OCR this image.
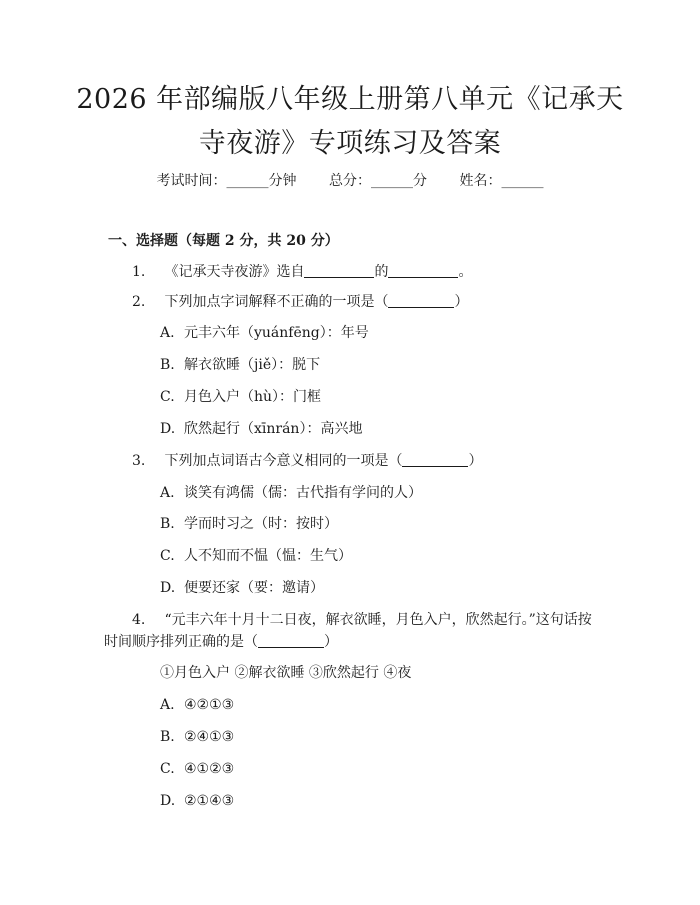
2026 年部编版八年级上册第八单元《记承天
寺夜游》专项练习及答案
考试时间：______分钟 总分：______分 姓名：______
一、选择题（每题 2 分，共 20 分）
1. 《记承天寺夜游》选自	的	。
2. 下列加点字词解释不正确的一项是（	）
A. 元丰六年（yuánfēng）：年号
B. 解衣欲睡（jiě）：脱下
C. 月色入户（hù）：门框
D. 欣然起行（xīnrán）：高兴地
3. 下列加点词语古今意义相同的一项是（	）
A. 谈笑有鸿儒（儒：古代指有学问的人）
B. 学而时习之（时：按时）
C. 人不知而不愠（愠：生气）
D. 便要还家（要：邀请）
4. “元丰六年十月十二日夜，解衣欲睡，月色入户，欣然起行。”这句话按
时间顺序排列正确的是（	）
①月色入户 ②解衣欲睡 ③欣然起行 ④夜
A. ④②①③
B. ②④①③
C. ④①②③
D. ②①④③
